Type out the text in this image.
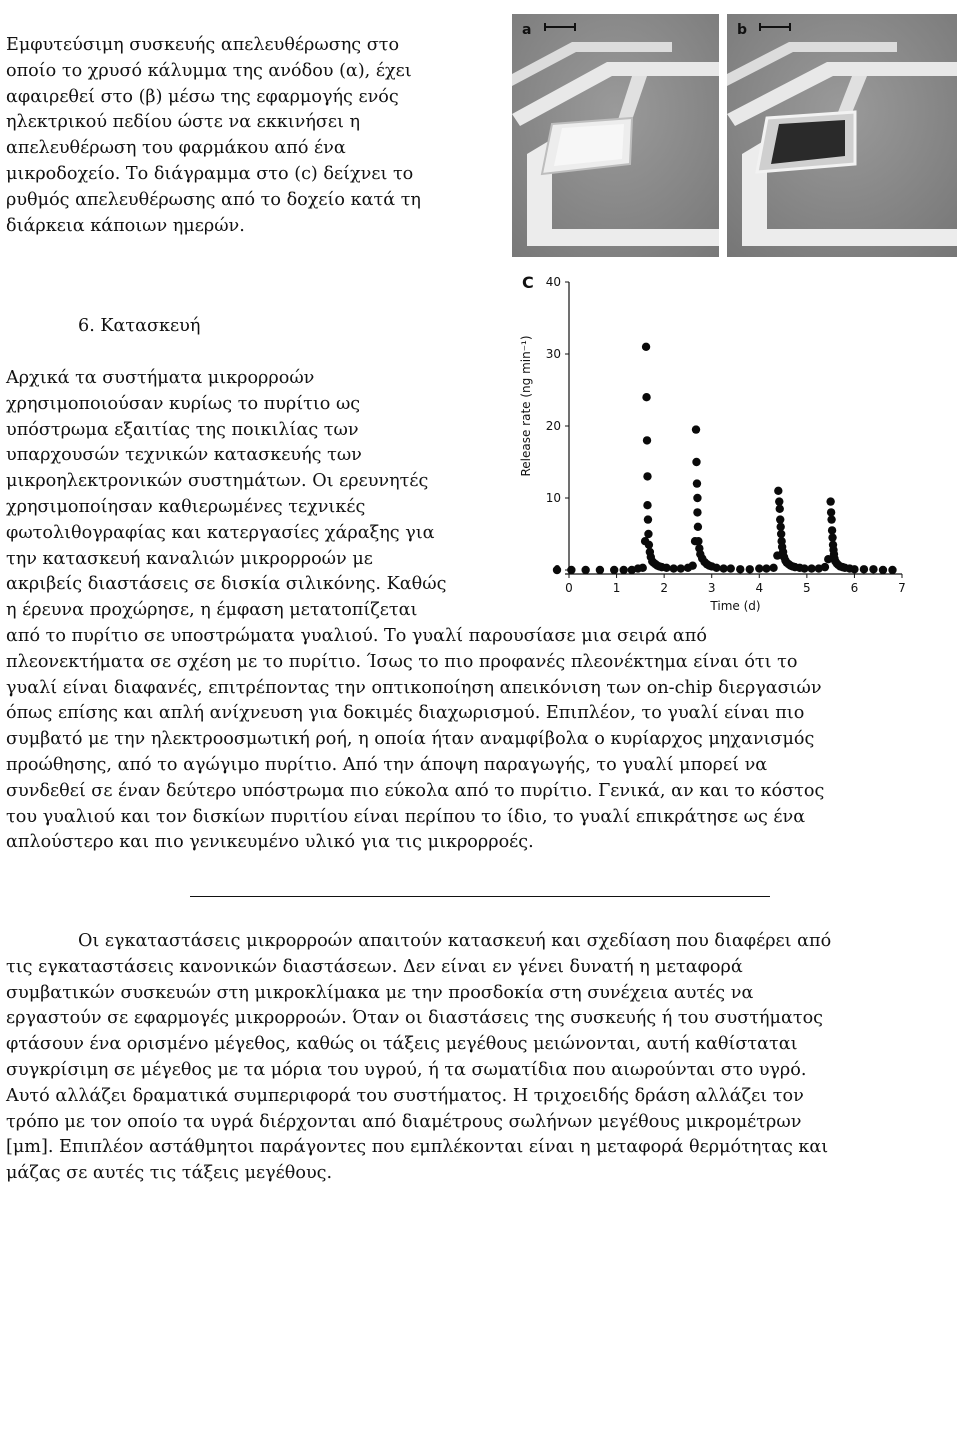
Εμφυτεύσιμη συσκευής απελευθέρωσης στο
οποίο το χρυσό κάλυμμα της ανόδου (α), έχει
αφαιρεθεί στο (β) μέσω της εφαρμογής ενός
ηλεκτρικού πεδίου ώστε να εκκινήσει η
απελευθέρωση του φαρμάκου από ένα
μικροδοχείο. Το διάγραμμα στο (c) δείχνει το
ρυθμός απελευθέρωσης από το δοχείο κατά τη
διάρκεια κάποιων ημερών.
6. Κατασκευή
Αρχικά τα συστήματα μικρορροών
χρησιμοποιούσαν κυρίως το πυρίτιο ως
υπόστρωμα εξαιτίας της ποικιλίας των
υπαρχουσών τεχνικών κατασκευής των
μικροηλεκτρονικών συστημάτων. Οι ερευνητές
χρησιμοποίησαν καθιερωμένες τεχνικές
φωτολιθογραφίας και κατεργασίες χάραξης για
την κατασκευή καναλιών μικρορροών με
ακριβείς διαστάσεις σε δισκία σιλικόνης. Καθώς
η έρευνα προχώρησε, η έμφαση μετατοπίζεται
από το πυρίτιο σε υποστρώματα γυαλιού. Το γυαλί παρουσίασε μια σειρά από
πλεονεκτήματα σε σχέση με το πυρίτιο. Ίσως το πιο προφανές πλεονέκτημα είναι ότι το
γυαλί είναι διαφανές, επιτρέποντας την οπτικοποίηση απεικόνιση των on-chip διεργασιών
όπως επίσης και απλή ανίχνευση για δοκιμές διαχωρισμού. Επιπλέον, το γυαλί είναι πιο
συμβατό με την ηλεκτροοσμωτική ροή, η οποία ήταν αναμφίβολα ο κυρίαρχος μηχανισμός
προώθησης, από το αγώγιμο πυρίτιο. Από την άποψη παραγωγής, το γυαλί μπορεί να
συνδεθεί σε έναν δεύτερο υπόστρωμα πιο εύκολα από το πυρίτιο. Γενικά, αν και το κόστος
του γυαλιού και τον δισκίων πυριτίου είναι περίπου το ίδιο, το γυαλί επικράτησε ως ένα
απλούστερο και πιο γενικευμένο υλικό για τις μικρορροές.
Οι εγκαταστάσεις μικρορροών απαιτούν κατασκευή και σχεδίαση που διαφέρει από
τις εγκαταστάσεις κανονικών διαστάσεων. Δεν είναι εν γένει δυνατή η μεταφορά
συμβατικών συσκευών στη μικροκλίμακα με την προσδοκία στη συνέχεια αυτές να
εργαστούν σε εφαρμογές μικρορροών. Όταν οι διαστάσεις της συσκευής ή του συστήματος
φτάσουν ένα ορισμένο μέγεθος, καθώς οι τάξεις μεγέθους μειώνονται, αυτή καθίσταται
συγκρίσιμη σε μέγεθος με τα μόρια του υγρού, ή τα σωματίδια που αιωρούνται στο υγρό.
Αυτό αλλάζει δραματικά συμπεριφορά του συστήματος. Η τριχοειδής δράση αλλάζει τον
τρόπο με τον οποίο τα υγρά διέρχονται από διαμέτρους σωλήνων μεγέθους μικρομέτρων
[μm]. Επιπλέον αστάθμητοι παράγοντες που εμπλέκονται είναι η μεταφορά θερμότητας και
μάζας σε αυτές τις τάξεις μεγέθους.
a	b
C
0	1	2	3	4	5	6	7
10
20
30
40
Time (d)
Release rate (ng min⁻¹)
